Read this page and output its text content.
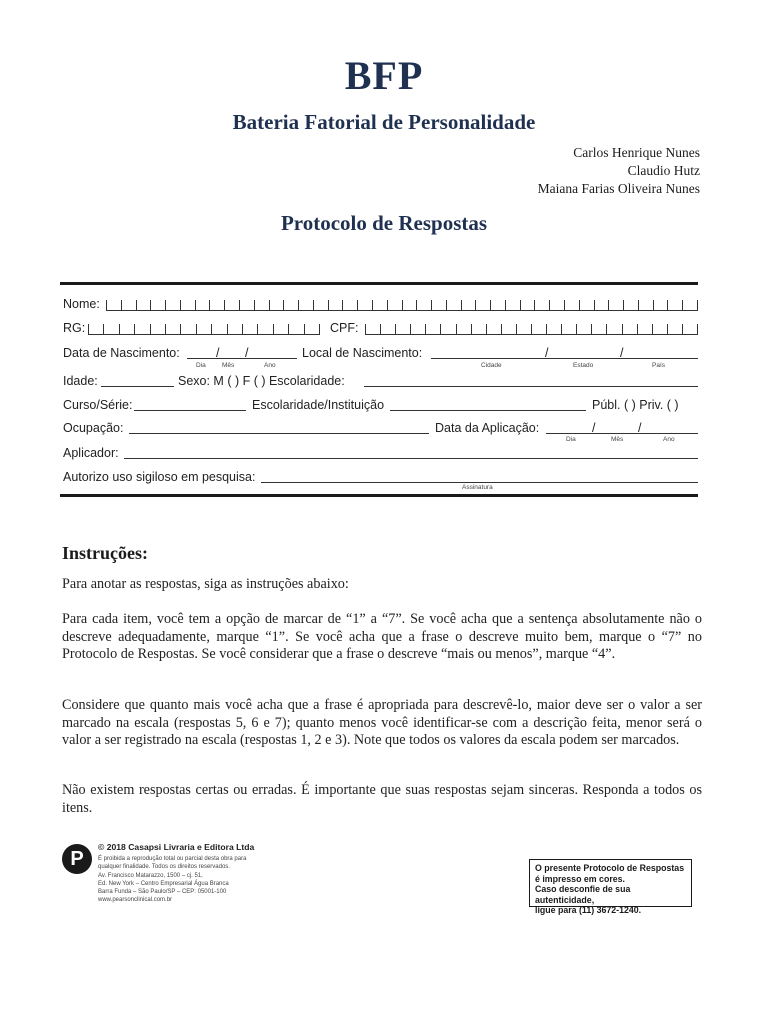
BFP
Bateria Fatorial de Personalidade
Carlos Henrique Nunes
Claudio Hutz
Maiana Farias Oliveira Nunes
Protocolo de Respostas
Nome:
RG:	CPF:
Data de Nascimento:	/ /
Dia Mês	Ano
Local de Nascimento:	/	/
Cidade	Estado	País
Idade:	Sexo: M ( ) F ( ) Escolaridade:
Curso/Série:	Escolaridade/Instituição	Públ. ( ) Priv. ( )
Ocupação:	Data da Aplicação:	/	/
Dia	Mês	Ano
Aplicador:
Autorizo uso sigiloso em pesquisa:
Assinatura
Instruções:
Para anotar as respostas, siga as instruções abaixo:
Para cada item, você tem a opção de marcar de “1” a “7”. Se você acha que a sentença absolutamente não o descreve adequadamente, marque “1”. Se você acha que a frase o descreve muito bem, marque o “7” no Protocolo de Respostas. Se você considerar que a frase o descreve “mais ou menos”, marque “4”.
Considere que quanto mais você acha que a frase é apropriada para descrevê-lo, maior deve ser o valor a ser marcado na escala (respostas 5, 6 e 7); quanto menos você identificar-se com a descrição feita, menor será o valor a ser registrado na escala (respostas 1, 2 e 3). Note que todos os valores da escala podem ser marcados.
Não existem respostas certas ou erradas. É importante que suas respostas sejam sinceras. Responda a todos os itens.
P
© 2018 Casapsi Livraria e Editora Ltda
É proibida a reprodução total ou parcial desta obra para
qualquer finalidade. Todos os direitos reservados.
Av. Francisco Matarazzo, 1500 – cj. 51,
Ed. New York – Centro Empresarial Água Branca
Barra Funda – São Paulo/SP – CEP: 05001-100
www.pearsonclinical.com.br
O presente Protocolo de Respostas
é impresso em cores.
Caso desconfie de sua autenticidade,
ligue para (11) 3672-1240.
